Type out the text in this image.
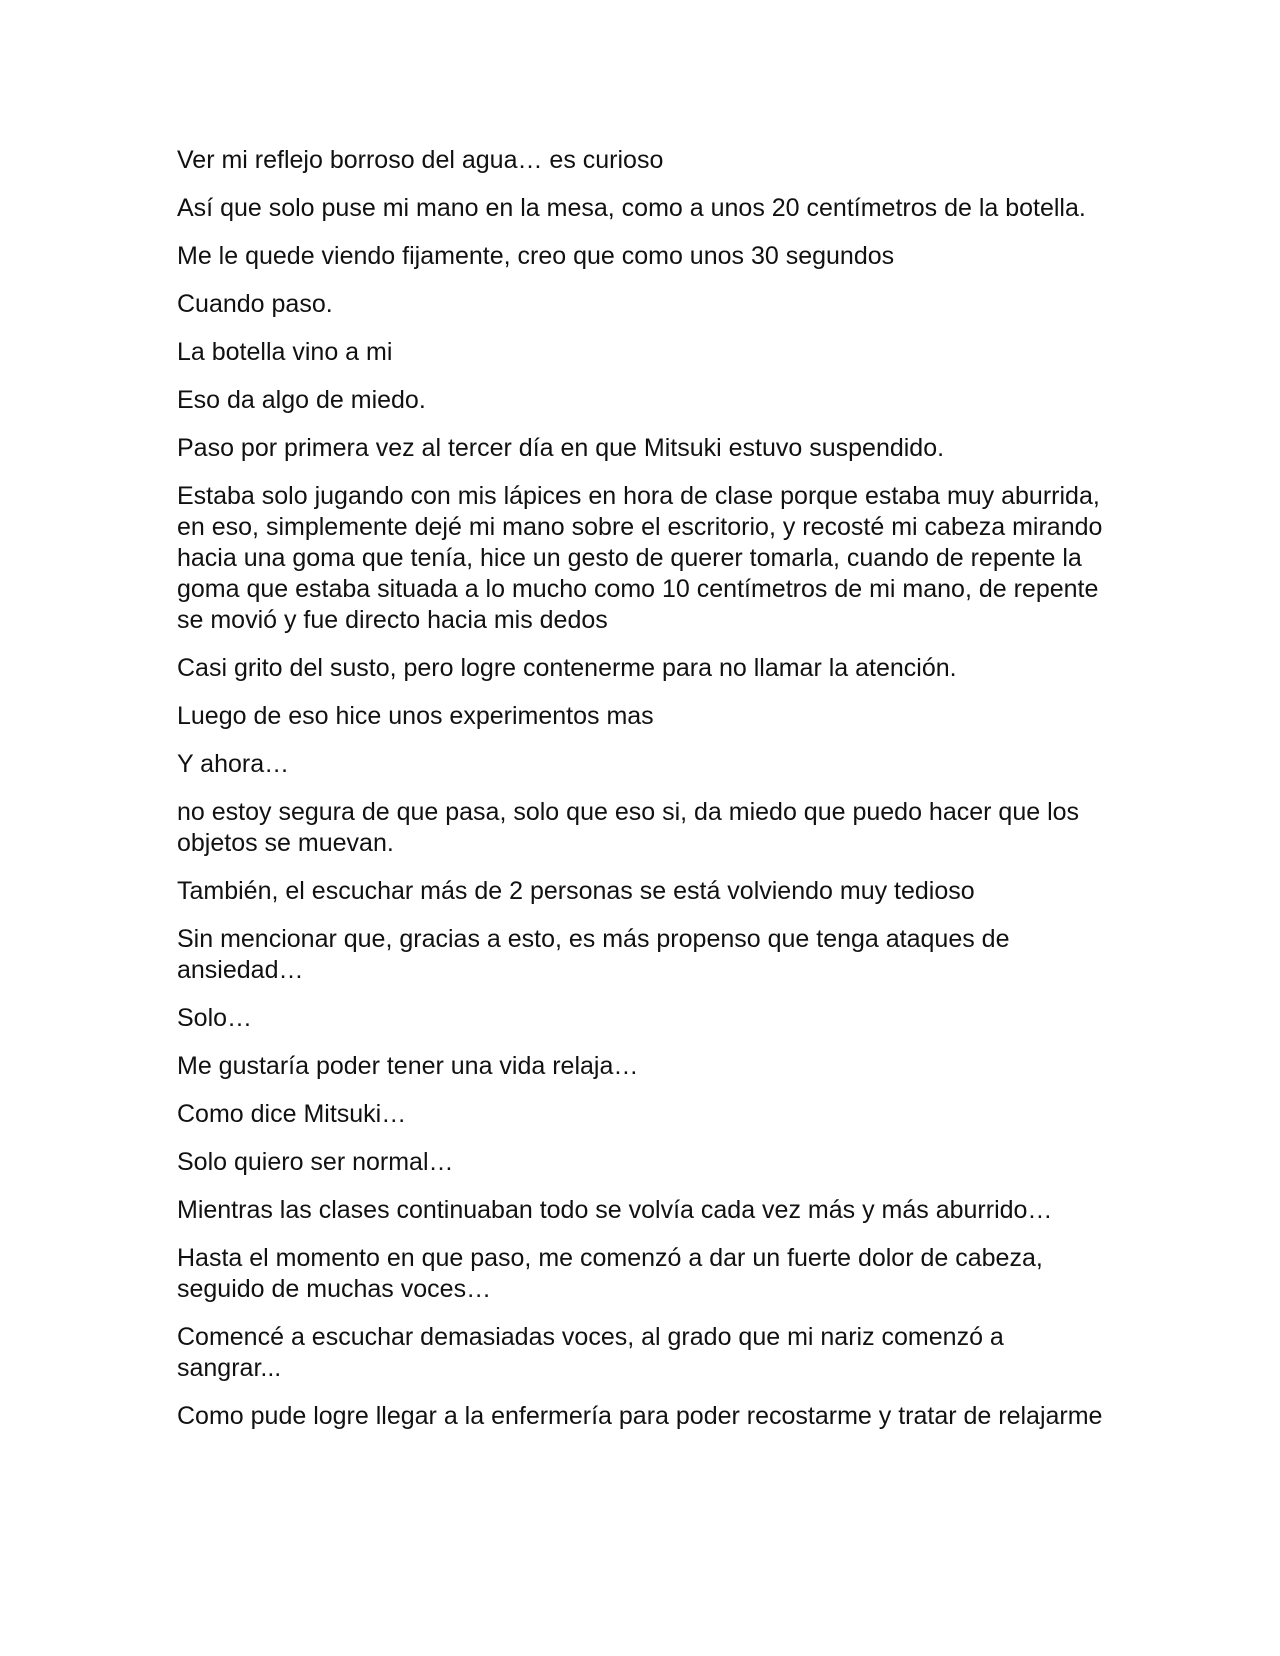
Ver mi reflejo borroso del agua… es curioso

Así que solo puse mi mano en la mesa, como a unos 20 centímetros de la botella.

Me le quede viendo fijamente, creo que como unos 30 segundos

Cuando paso.

La botella vino a mi

Eso da algo de miedo.

Paso por primera vez al tercer día en que Mitsuki estuvo suspendido.

Estaba solo jugando con mis lápices en hora de clase porque estaba muy aburrida, en eso, simplemente dejé mi mano sobre el escritorio, y recosté mi cabeza mirando hacia una goma que tenía, hice un gesto de querer tomarla, cuando de repente la goma que estaba situada a lo mucho como 10 centímetros de mi mano, de repente se movió y fue directo hacia mis dedos

Casi grito del susto, pero logre contenerme para no llamar la atención.

Luego de eso hice unos experimentos mas

Y ahora…

no estoy segura de que pasa, solo que eso si, da miedo que puedo hacer que los objetos se muevan.

También, el escuchar más de 2 personas se está volviendo muy tedioso

Sin mencionar que, gracias a esto, es más propenso que tenga ataques de ansiedad…

Solo…

Me gustaría poder tener una vida relaja…

Como dice Mitsuki…

Solo quiero ser normal…

Mientras las clases continuaban todo se volvía cada vez más y más aburrido…

Hasta el momento en que paso, me comenzó a dar un fuerte dolor de cabeza, seguido de muchas voces…

Comencé a escuchar demasiadas voces, al grado que mi nariz comenzó a sangrar...

Como pude logre llegar a la enfermería para poder recostarme y tratar de relajarme
